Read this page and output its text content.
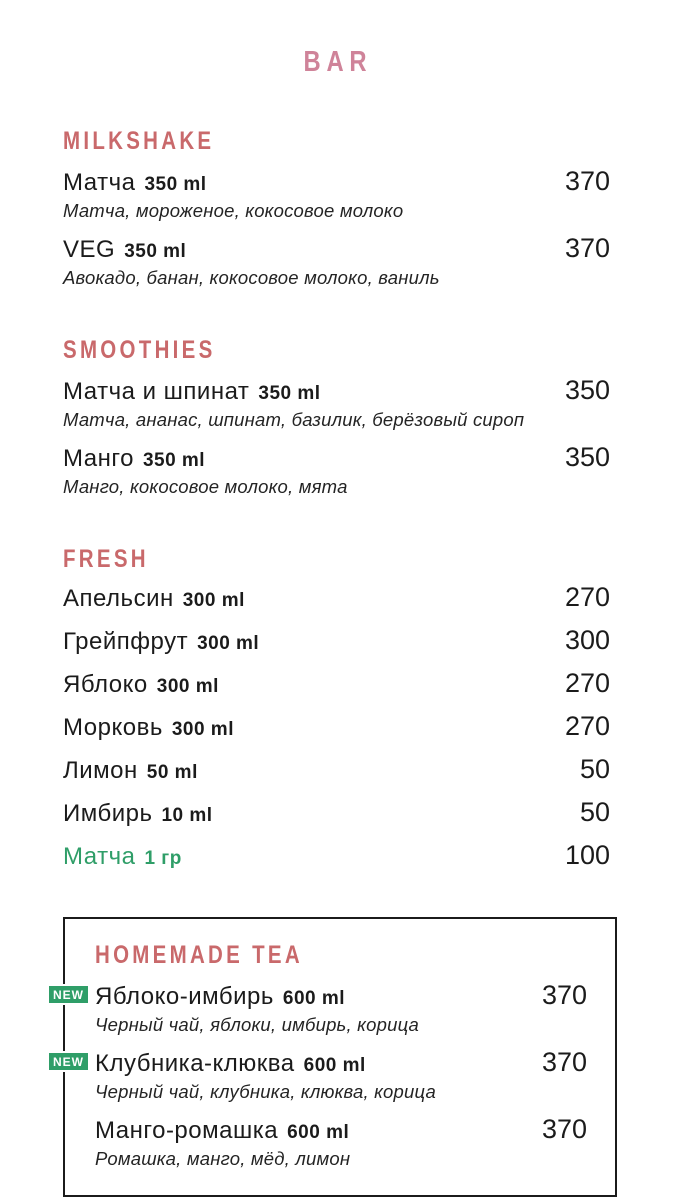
BAR
MILKSHAKE
Матча 350 ml	370
Матча, мороженое, кокосовое молоко
VEG 350 ml	370
Авокадо, банан, кокосовое молоко, ваниль
SMOOTHIES
Матча и шпинат 350 ml	350
Матча, ананас, шпинат, базилик, берёзовый сироп
Манго 350 ml	350
Манго, кокосовое молоко, мята
FRESH
Апельсин 300 ml	270
Грейпфрут 300 ml	300
Яблоко 300 ml	270
Морковь 300 ml	270
Лимон 50 ml	50
Имбирь 10 ml	50
Матча 1 гр	100
HOMEMADE TEA
NEW Яблоко-имбирь 600 ml	370
Черный чай, яблоки, имбирь, корица
NEW Клубника-клюква 600 ml	370
Черный чай, клубника, клюква, корица
Манго-ромашка 600 ml	370
Ромашка, манго, мёд, лимон
